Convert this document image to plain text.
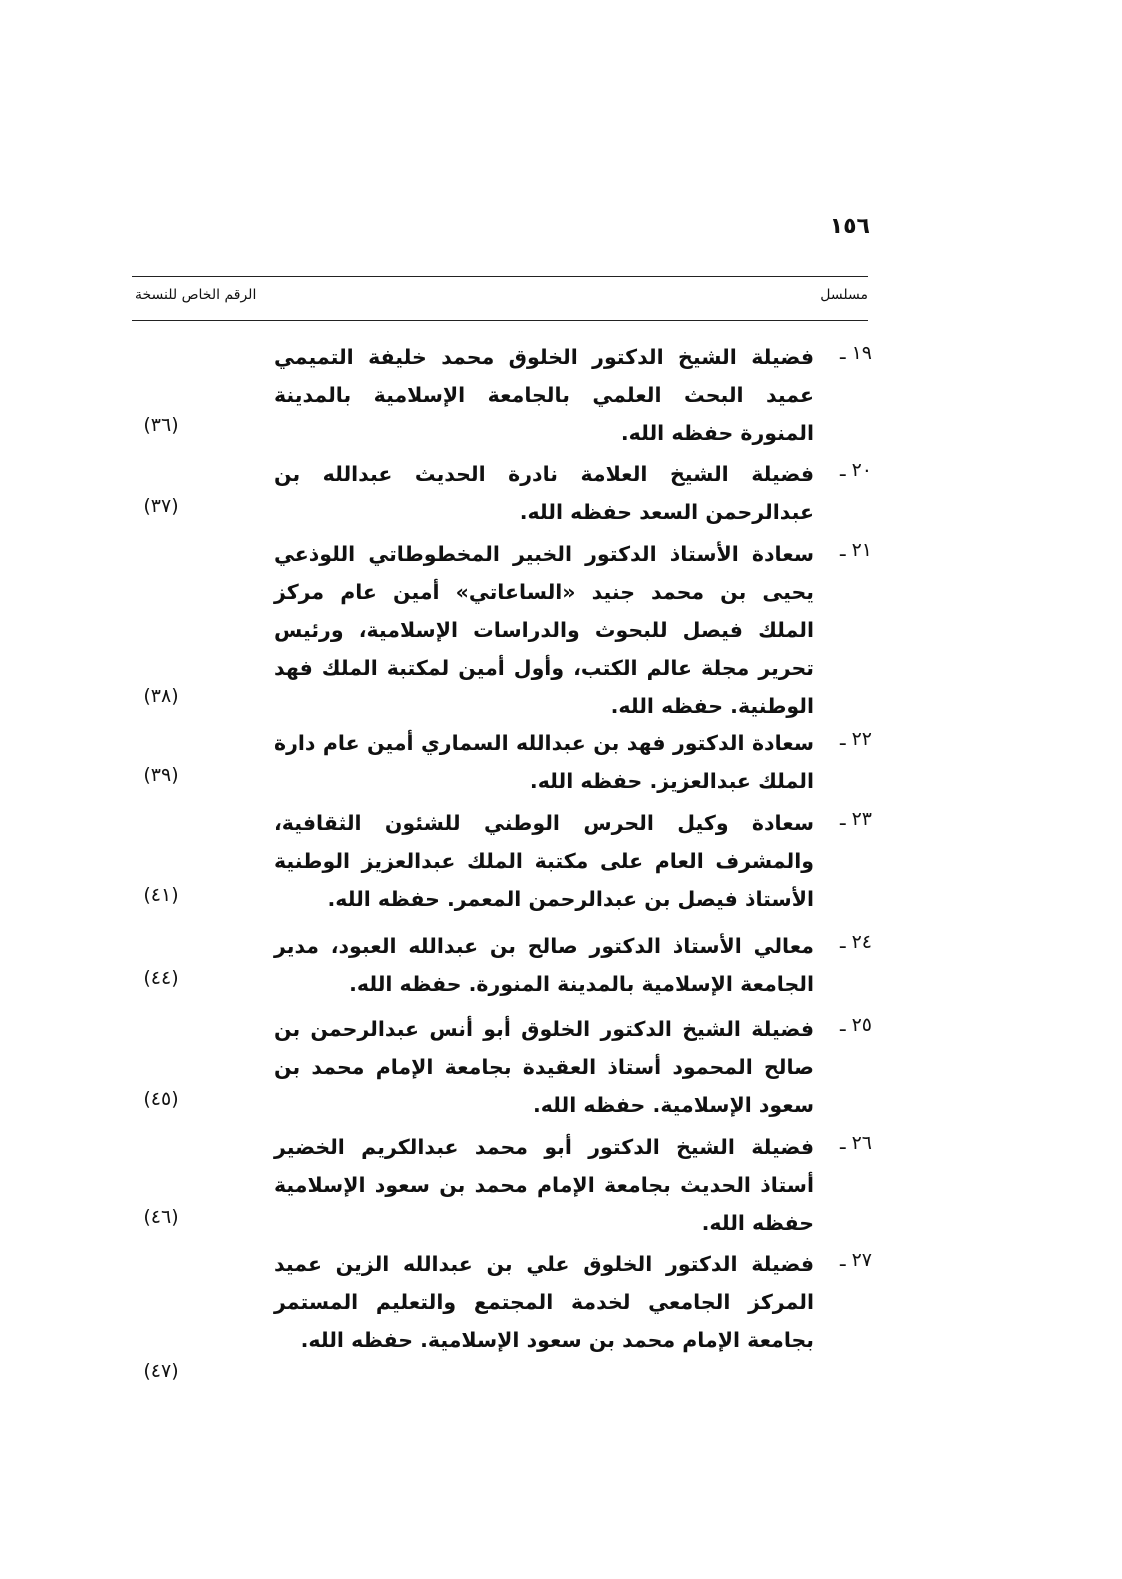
١٥٦
مسلسل
الرقم الخاص للنسخة
١٩ ـ
فضيلة الشيخ الدكتور الخلوق محمد خليفة التميمي عميد البحث العلمي بالجامعة الإسلامية بالمدينة المنورة حفظه الله.
(٣٦)
٢٠ ـ
فضيلة الشيخ العلامة نادرة الحديث عبدالله بن عبدالرحمن السعد حفظه الله.
(٣٧)
٢١ ـ
سعادة الأستاذ الدكتور الخبير المخطوطاتي اللوذعي يحيى بن محمد جنيد «الساعاتي» أمين عام مركز الملك فيصل للبحوث والدراسات الإسلامية، ورئيس تحرير مجلة عالم الكتب، وأول أمين لمكتبة الملك فهد الوطنية. حفظه الله.
(٣٨)
٢٢ ـ
سعادة الدكتور فهد بن عبدالله السماري أمين عام دارة الملك عبدالعزيز. حفظه الله.
(٣٩)
٢٣ ـ
سعادة وكيل الحرس الوطني للشئون الثقافية، والمشرف العام على مكتبة الملك عبدالعزيز الوطنية الأستاذ فيصل بن عبدالرحمن المعمر. حفظه الله.
(٤١)
٢٤ ـ
معالي الأستاذ الدكتور صالح بن عبدالله العبود، مدير الجامعة الإسلامية بالمدينة المنورة. حفظه الله.
(٤٤)
٢٥ ـ
فضيلة الشيخ الدكتور الخلوق أبو أنس عبدالرحمن بن صالح المحمود أستاذ العقيدة بجامعة الإمام محمد بن سعود الإسلامية. حفظه الله.
(٤٥)
٢٦ ـ
فضيلة الشيخ الدكتور أبو محمد عبدالكريم الخضير أستاذ الحديث بجامعة الإمام محمد بن سعود الإسلامية حفظه الله.
(٤٦)
٢٧ ـ
فضيلة الدكتور الخلوق علي بن عبدالله الزين عميد المركز الجامعي لخدمة المجتمع والتعليم المستمر بجامعة الإمام محمد بن سعود الإسلامية. حفظه الله.
(٤٧)
